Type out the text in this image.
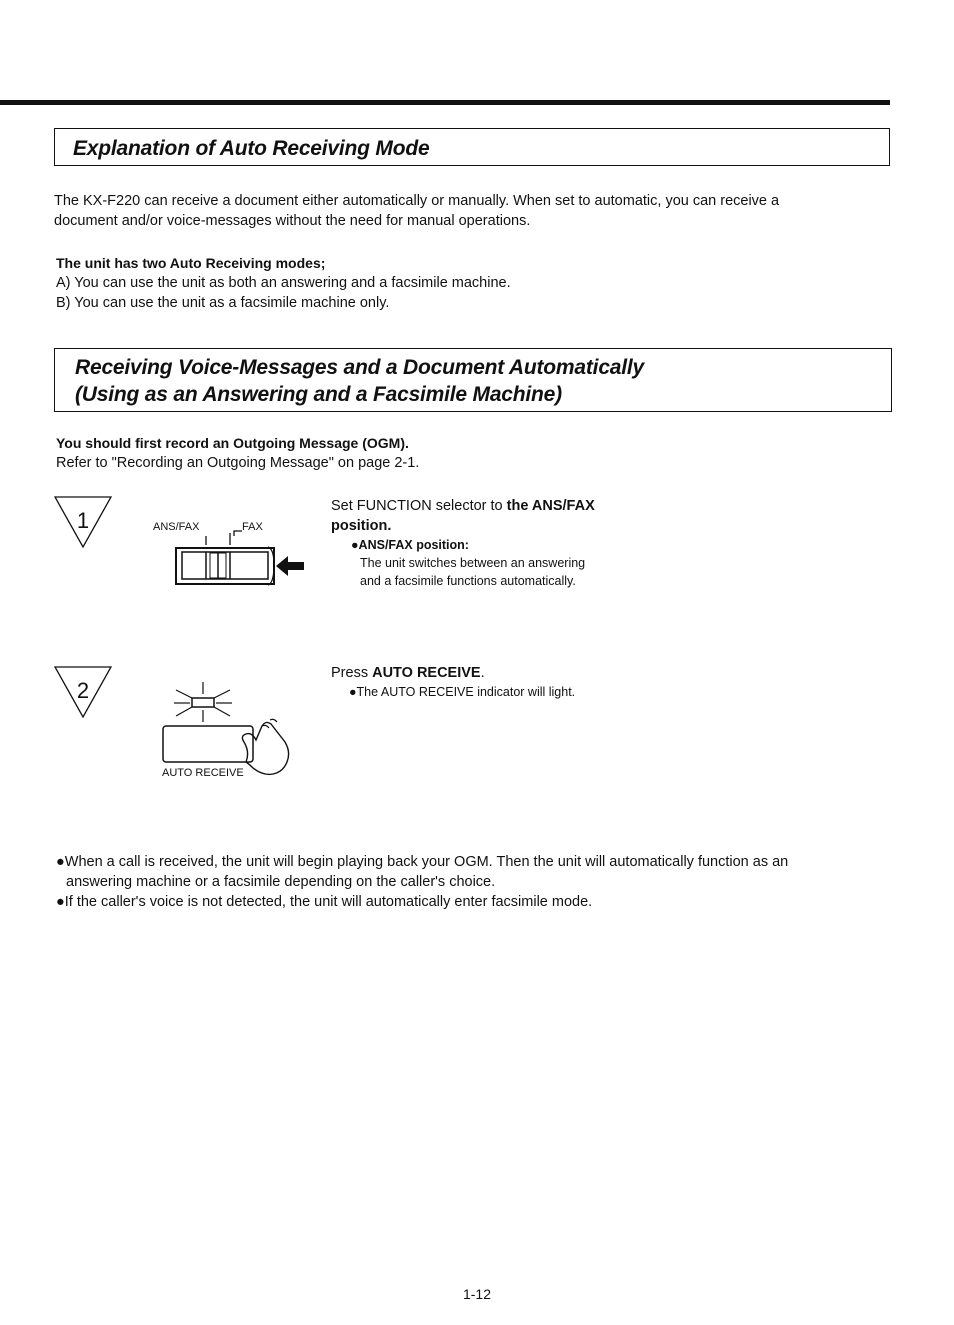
Explanation of Auto Receiving Mode
The KX-F220 can receive a document either automatically or manually. When set to automatic, you can receive a
document and/or voice-messages without the need for manual operations.
The unit has two Auto Receiving modes;
A) You can use the unit as both an answering and a facsimile machine.
B) You can use the unit as a facsimile machine only.
Receiving Voice-Messages and a Document Automatically
(Using as an Answering and a Facsimile Machine)
You should first record an Outgoing Message (OGM).
Refer to "Recording an Outgoing Message" on page 2-1.
1	ANS/FAX	FAX
Set FUNCTION selector to the ANS/FAX
position.
●ANS/FAX position:
The unit switches between an answering
and a facsimile functions automatically.
2
AUTO RECEIVE
Press AUTO RECEIVE.
●The AUTO RECEIVE indicator will light.
●When a call is received, the unit will begin playing back your OGM. Then the unit will automatically function as an
answering machine or a facsimile depending on the caller's choice.
●If the caller's voice is not detected, the unit will automatically enter facsimile mode.
1-12
